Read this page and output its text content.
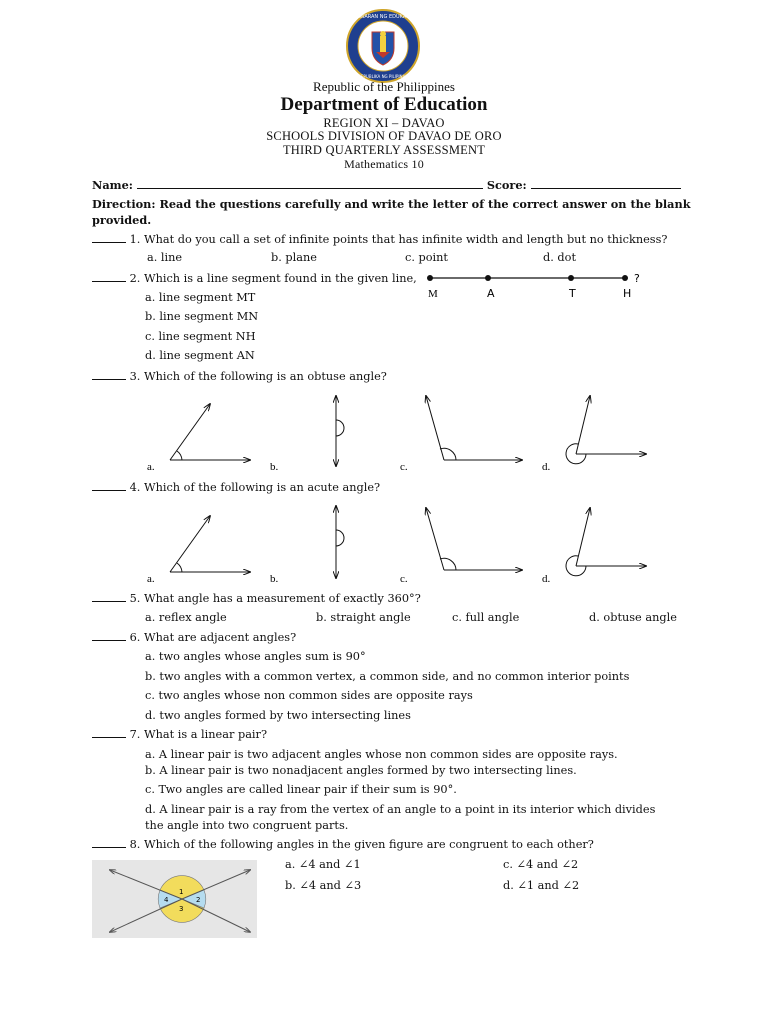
KAGAWARAN NG EDUKASYON
REPUBLIKA NG PILIPINAS
Republic of the Philippines
Department of Education
REGION XI – DAVAO
SCHOOLS DIVISION OF DAVAO DE ORO
THIRD QUARTERLY ASSESSMENT
Mathematics 10
Name:	Score:
Direction: Read the questions carefully and write the letter of the correct answer on the blank
provided.
1. What do you call a set of infinite points that has infinite width and length but no thickness?
a. line	b. plane	c. point	d. dot
2. Which is a line segment found in the given line,	?
M	A	T	H
a. line segment MT
b. line segment MN
c. line segment NH
d. line segment AN
3. Which of the following is an obtuse angle?
a.	b.	c.	d.
4. Which of the following is an acute angle?
a.	b.	c.	d.
5. What angle has a measurement of exactly 360°?
a. reflex angle	b. straight angle	c. full angle	d. obtuse angle
6. What are adjacent angles?
a. two angles whose angles sum is 90°
b. two angles with a common vertex, a common side, and no common interior points
c. two angles whose non common sides are opposite rays
d. two angles formed by two intersecting lines
7. What is a linear pair?
a. A linear pair is two adjacent angles whose non common sides are opposite rays.
b. A linear pair is two nonadjacent angles formed by two intersecting lines.
c. Two angles are called linear pair if their sum is 90°.
d. A linear pair is a ray from the vertex of an angle to a point in its interior which divides
the angle into two congruent parts.
8. Which of the following angles in the given figure are congruent to each other?
1
2
3
4
a. ∠4 and ∠1	c. ∠4 and ∠2
b. ∠4 and ∠3	d. ∠1 and ∠2
